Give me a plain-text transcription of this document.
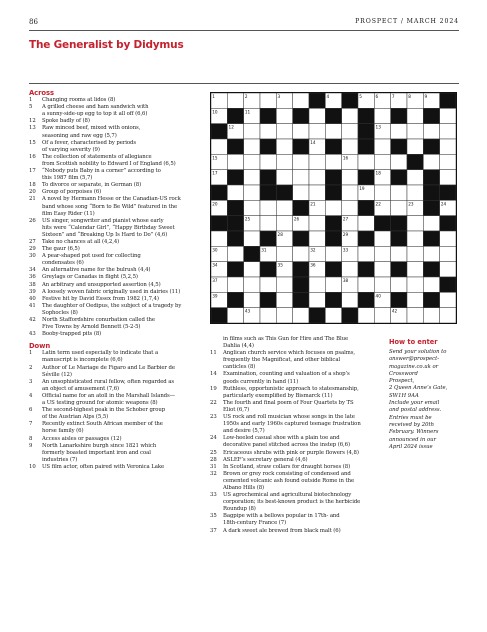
86	PROSPECT / MARCH 2024
The Generalist by Didymus
Across
1	Changing rooms at lidos (8)
5	A grilled cheese and ham sandwich with
a sunny-side-up egg to top it all off (6,6)
12	Spoke badly of (8)
13	Raw minced beef, mixed with onions,
seasoning and raw egg (5,7)
15	Of a fever, characterised by periods
of varying severity (9)
16	The collection of statements of allegiance
from Scottish nobility to Edward I of England (6,5)
17	“Nobody puts Baby in a corner” according to
this 1987 film (5,7)
18	To divorce or separate, in German (8)
20	Group of porpoises (6)
21	A novel by Hermann Hesse or the Canadian-US rock
band whose song “Born to Be Wild” featured in the
film Easy Rider (11)
26	US singer, songwriter and pianist whose early
hits were “Calendar Girl”, “Happy Birthday Sweet
Sixteen” and “Breaking Up Is Hard to Do” (4,6)
27	Take no chances at all (4,2,4)
29	The gaur (6,5)
30	A pear-shaped pot used for collecting
condensates (6)
34	An alternative name for the bulrush (4,4)
36	Greylags or Canadas in flight (5,2,5)
38	An arbitrary and unsupported assertion (4,5)
39	A loosely woven fabric originally used in dairies (11)
40	Festive hit by David Essex from 1982 (1,7,4)
41	The daughter of Oedipus, the subject of a tragedy by
Sophocles (8)
42	North Staffordshire conurbation called the
Five Towns by Arnold Bennett (5-2-5)
43	Booby-trapped pits (8)
Down
1	Latin term used especially to indicate that a
manuscript is incomplete (6,6)
2	Author of Le Mariage de Figaro and Le Barbier de
Séville (12)
3	An unsophisticated rural fellow, often regarded as
an object of amusement (7,6)
4	Official name for an atoll in the Marshall Islands—
a US testing ground for atomic weapons (8)
6	The second-highest peak in the Schober group
of the Austrian Alps (5,5)
7	Recently extinct South African member of the
horse family (6)
8	Access aisles or passages (12)
9	North Lanarkshire burgh since 1821 which
formerly boasted important iron and coal
industries (7)
10	US film actor, often paired with Veronica Lake
1	2	3	4	5	6	7	8	9
10	11
12	13
14
15	16
17	18
19
20	21	22	23	24
25	26	27
28	29
30	31	32	33
34	35	36
37	38
39	40
41	42
43
in films such as This Gun for Hire and The Blue
Dahlia (4,4)
11	Anglican church service which focuses on psalms,
frequently the Magnificat, and other biblical
canticles (8)
14	Examination, counting and valuation of a shop’s
goods currently in hand (11)
19	Ruthless, opportunistic approach to statesmanship,
particularly exemplified by Bismarck (11)
22	The fourth and final poem of Four Quartets by TS
Eliot (6,7)
23	US rock and roll musician whose songs in the late
1950s and early 1960s captured teenage frustration
and desire (5,7)
24	Low-heeled casual shoe with a plain toe and
decorative panel stitched across the instep (6,6)
25	Ericaceous shrubs with pink or purple flowers (4,8)
28	ASLEF’s secretary general (4,6)
31	In Scotland, straw collars for draught horses (8)
32	Brown or grey rock consisting of condensed and
cemented volcanic ash found outside Rome in the
Albano Hills (8)
33	US agrochemical and agricultural biotechnology
corporation; its best-known product is the herbicide
Roundup (8)
35	Bagpipe with a bellows popular in 17th- and
18th-century France (7)
37	A dark sweet ale brewed from black malt (6)
How to enter
Send your solution to
answer@prospect-
magazine.co.uk or
Crossword
Prospect,
2 Queen Anne’s Gate,
SW1H 9AA
Include your email
and postal address.
Entries must be
received by 20th
February. Winners
announced in our
April 2024 issue
